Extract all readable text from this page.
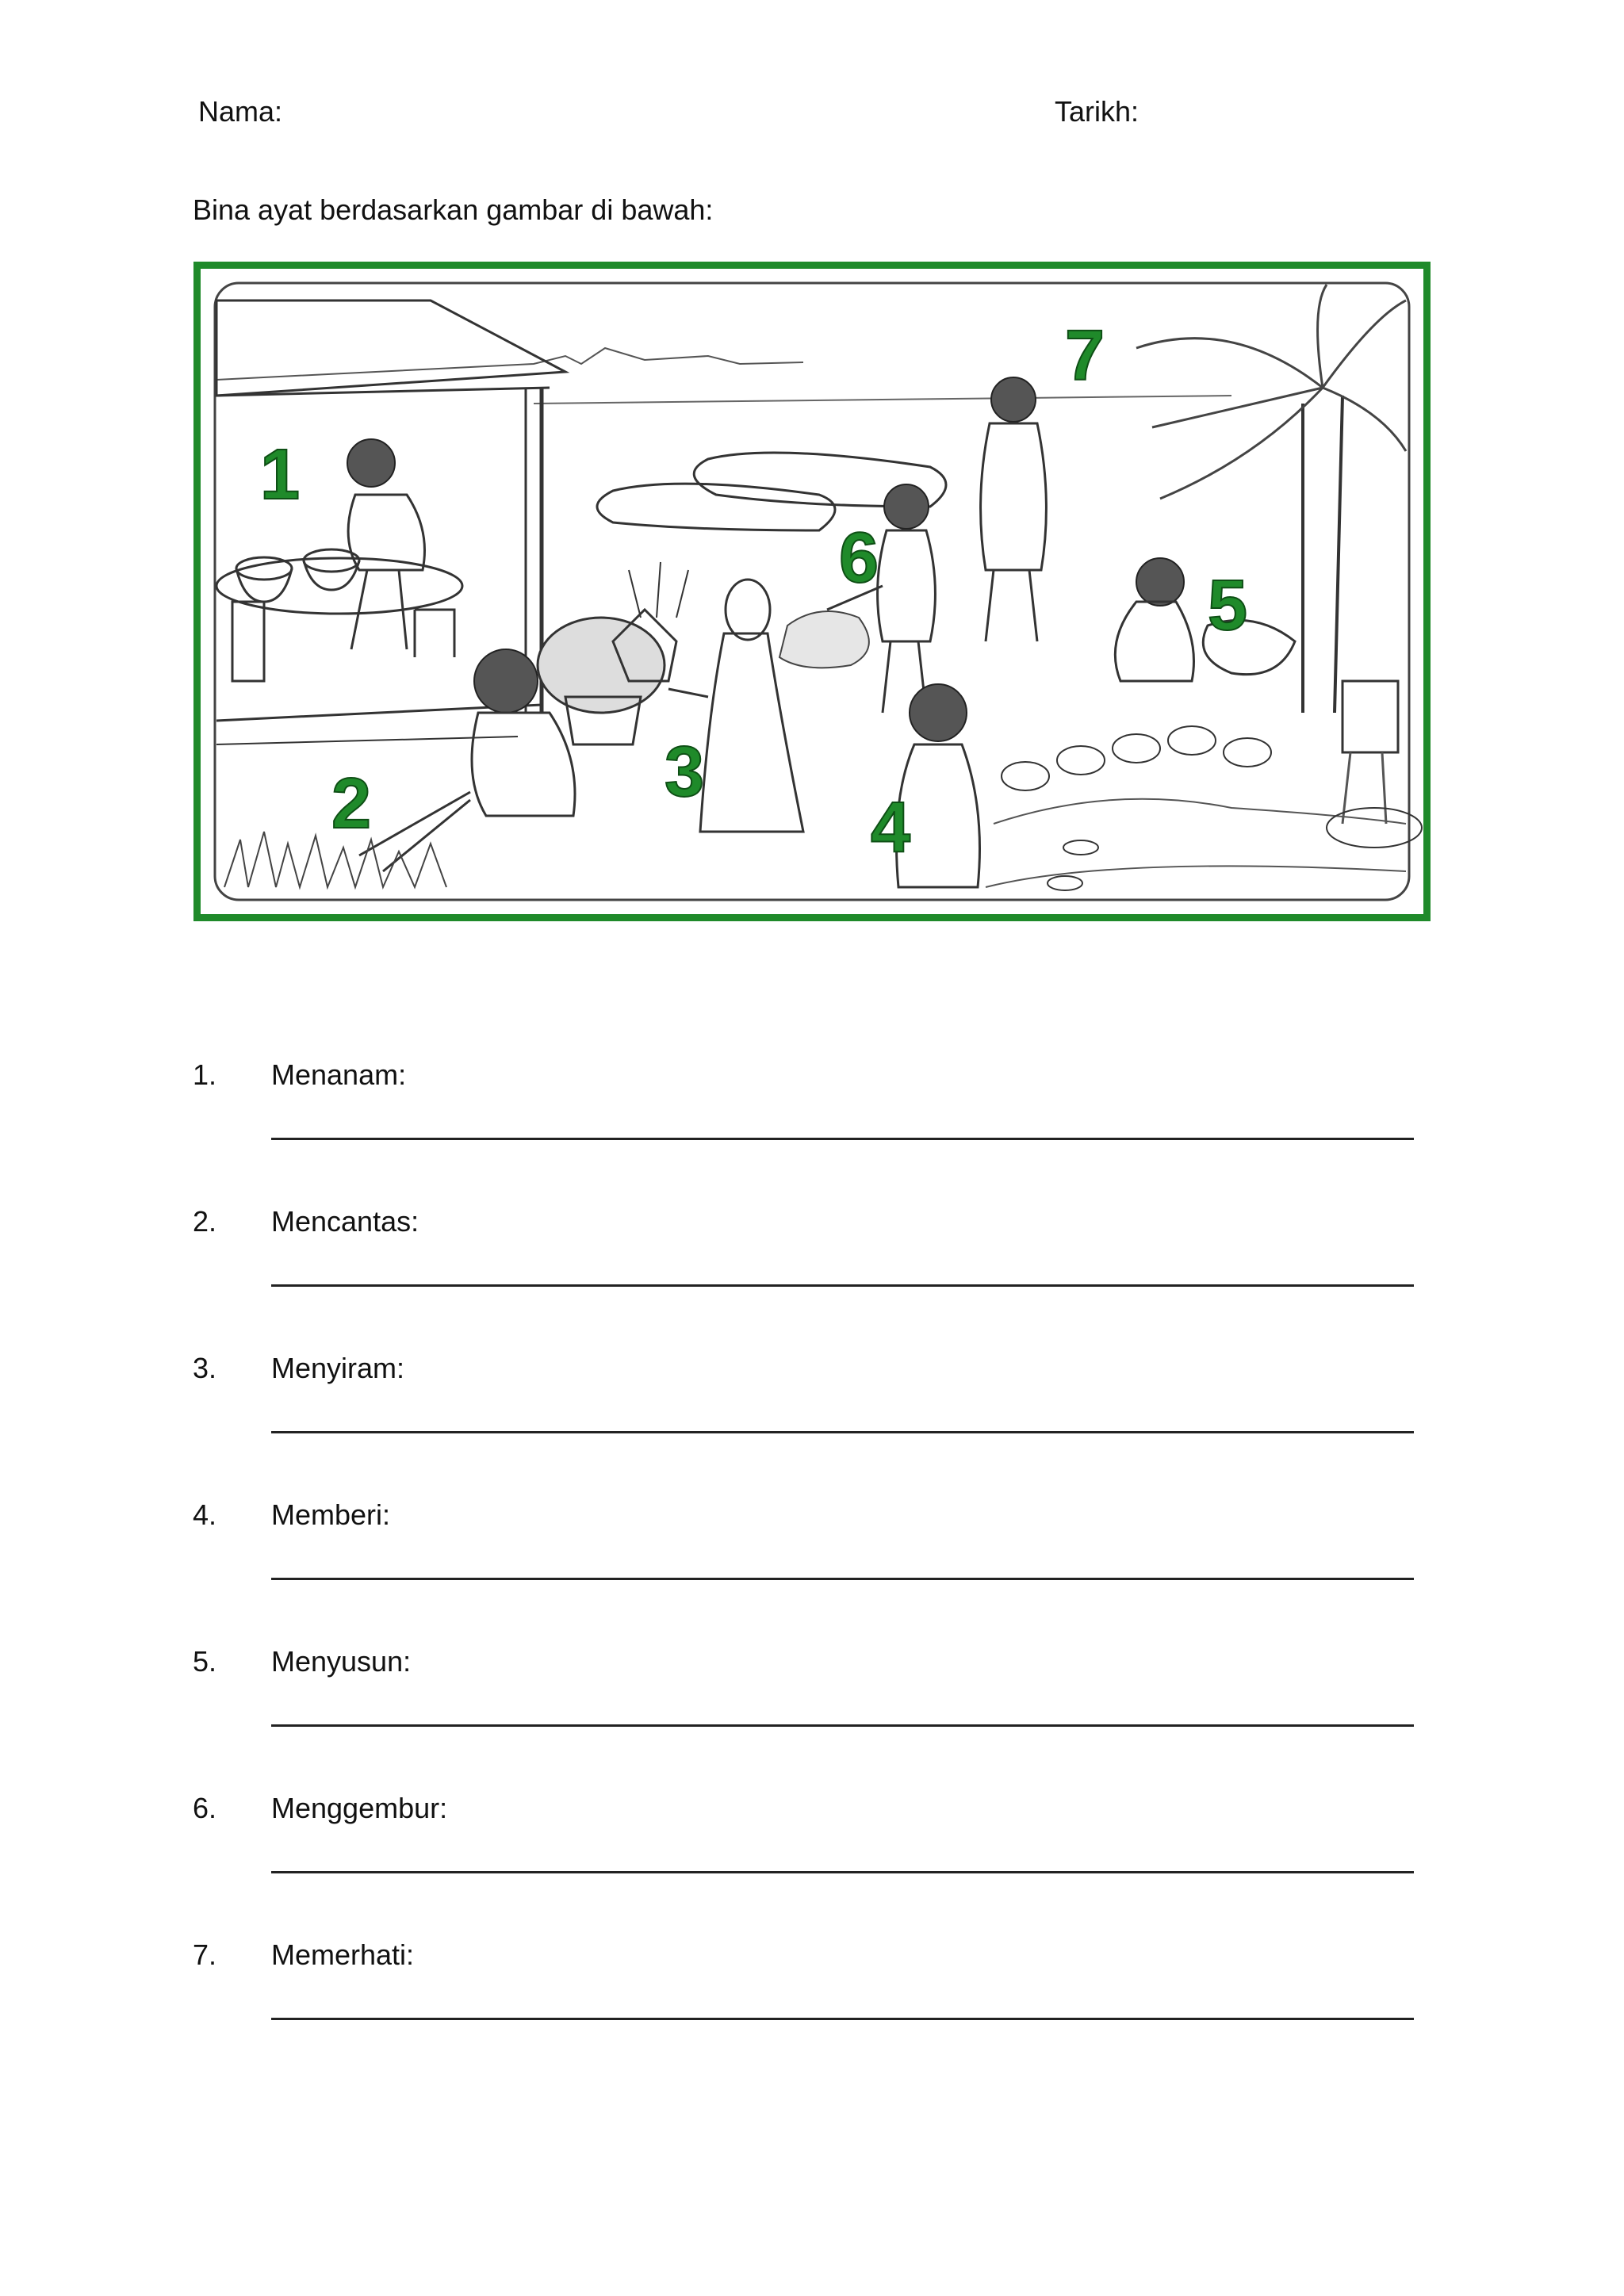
Nama:	Tarikh:
Bina ayat berdasarkan gambar di bawah:
1
2	3
4
5
6
7
1. Menanam:
2. Mencantas:
3. Menyiram:
4. Memberi:
5. Menyusun:
6. Menggembur:
7. Memerhati:
